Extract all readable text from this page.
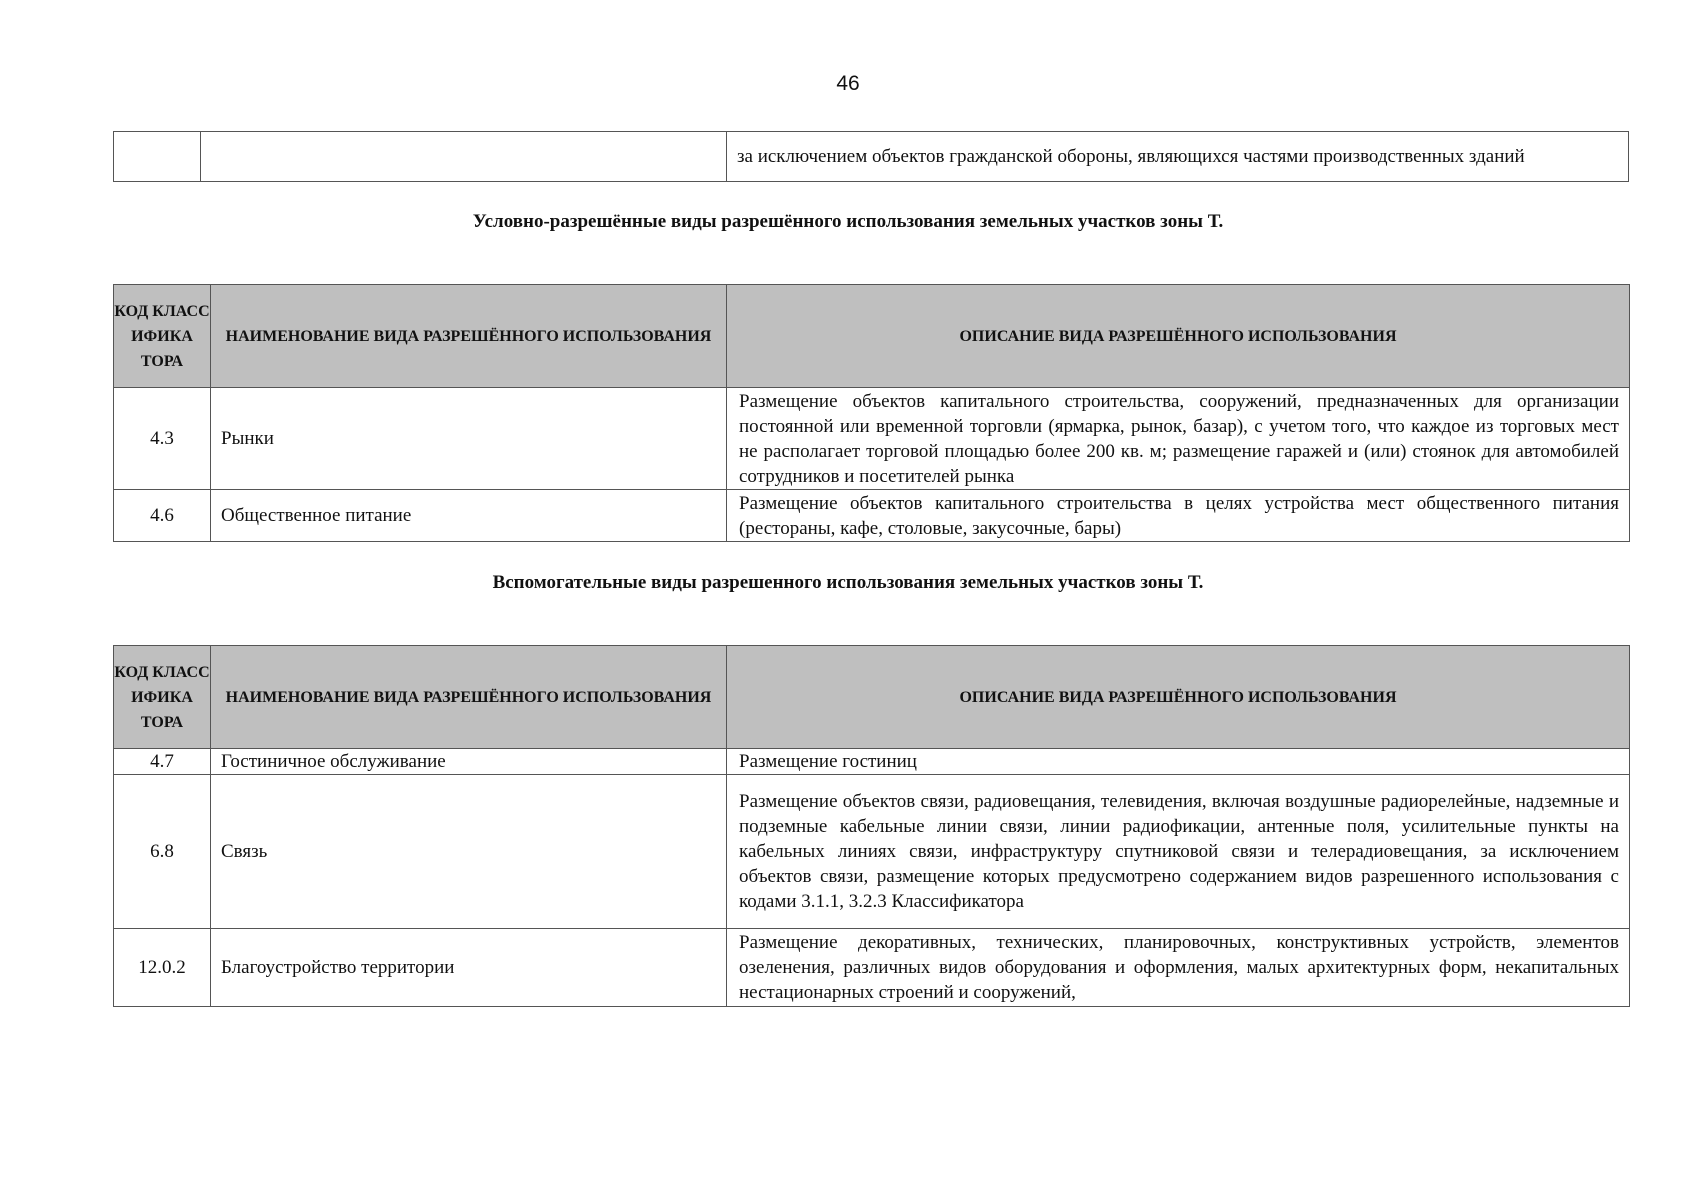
46
		за исключением объектов гражданской обороны, являющихся частями производственных зданий
Условно-разрешённые виды разрешённого использования земельных участков зоны Т.
КОД КЛАСС ИФИКА ТОРА	НАИМЕНОВАНИЕ ВИДА РАЗРЕШЁННОГО ИСПОЛЬЗОВАНИЯ	ОПИСАНИЕ ВИДА РАЗРЕШЁННОГО ИСПОЛЬЗОВАНИЯ
4.3	Рынки	Размещение объектов капитального строительства, сооружений, предназначенных для организации постоянной или временной торговли (ярмарка, рынок, базар), с учетом того, что каждое из торговых мест не располагает торговой площадью более 200 кв. м; размещение гаражей и (или) стоянок для автомобилей сотрудников и посетителей рынка
4.6	Общественное питание	Размещение объектов капитального строительства в целях устройства мест общественного питания (рестораны, кафе, столовые, закусочные, бары)
Вспомогательные виды разрешенного использования земельных участков зоны Т.
КОД КЛАСС ИФИКА ТОРА	НАИМЕНОВАНИЕ ВИДА РАЗРЕШЁННОГО ИСПОЛЬЗОВАНИЯ	ОПИСАНИЕ ВИДА РАЗРЕШЁННОГО ИСПОЛЬЗОВАНИЯ
4.7	Гостиничное обслуживание	Размещение гостиниц
6.8	Связь	Размещение объектов связи, радиовещания, телевидения, включая воздушные радиорелейные, надземные и подземные кабельные линии связи, линии радиофикации, антенные поля, усилительные пункты на кабельных линиях связи, инфраструктуру спутниковой связи и телерадиовещания, за исключением объектов связи, размещение которых предусмотрено содержанием видов разрешенного использования с кодами 3.1.1, 3.2.3 Классификатора
12.0.2	Благоустройство территории	Размещение декоративных, технических, планировочных, конструктивных устройств, элементов озеленения, различных видов оборудования и оформления, малых архитектурных форм, некапитальных нестационарных строений и сооружений,
